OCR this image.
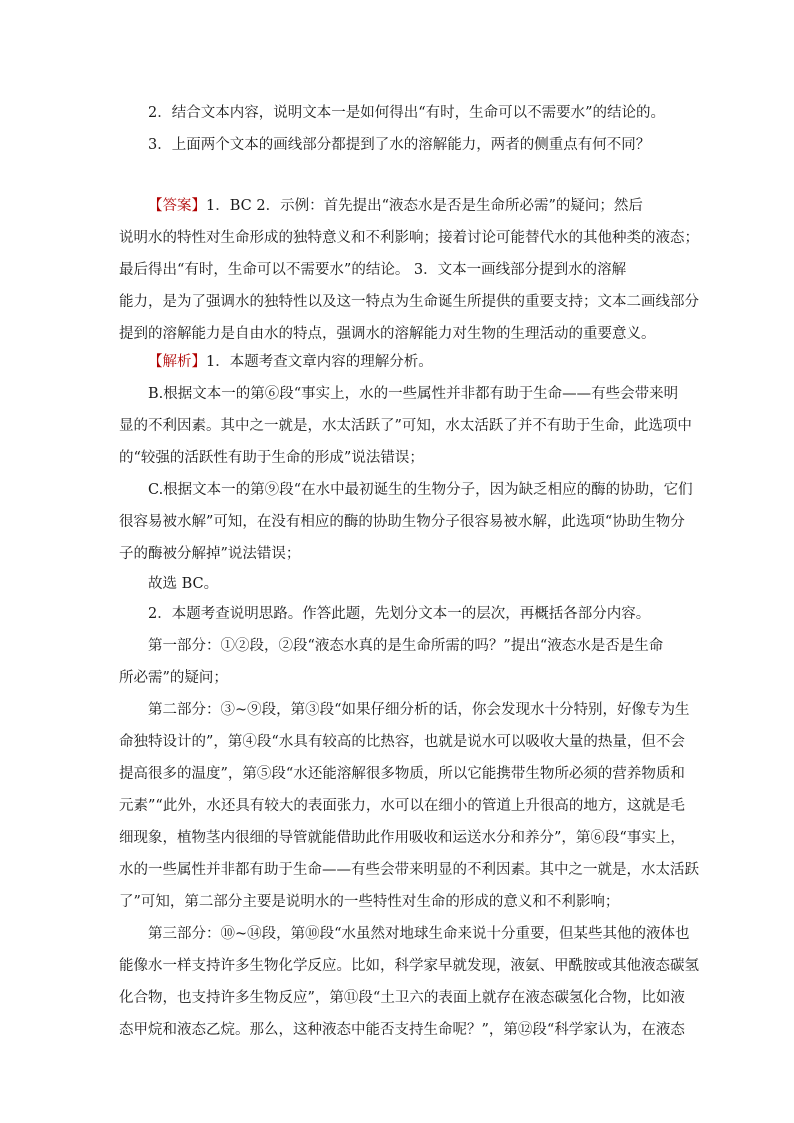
2．结合文本内容，说明文本一是如何得出“有时，生命可以不需要水”的结论的。
3．上面两个文本的画线部分都提到了水的溶解能力，两者的侧重点有何不同？
【答案】1．BC 2．示例：首先提出“液态水是否是生命所必需”的疑问；然后
说明水的特性对生命形成的独特意义和不利影响；接着讨论可能替代水的其他种类的液态；
最后得出“有时，生命可以不需要水”的结论。 3．文本一画线部分提到水的溶解
能力，是为了强调水的独特性以及这一特点为生命诞生所提供的重要支持；文本二画线部分
提到的溶解能力是自由水的特点，强调水的溶解能力对生物的生理活动的重要意义。
【解析】1．本题考查文章内容的理解分析。
B.根据文本一的第⑥段“事实上，水的一些属性并非都有助于生命——有些会带来明
显的不利因素。其中之一就是，水太活跃了”可知，水太活跃了并不有助于生命，此选项中
的“较强的活跃性有助于生命的形成”说法错误；
C.根据文本一的第⑨段“在水中最初诞生的生物分子，因为缺乏相应的酶的协助，它们
很容易被水解”可知，在没有相应的酶的协助生物分子很容易被水解，此选项“协助生物分
子的酶被分解掉”说法错误；
故选 BC。
2．本题考查说明思路。作答此题，先划分文本一的层次，再概括各部分内容。
第一部分：①②段，②段“液态水真的是生命所需的吗？”提出“液态水是否是生命
所必需”的疑问；
第二部分：③~⑨段，第③段“如果仔细分析的话，你会发现水十分特别，好像专为生
命独特设计的”，第④段“水具有较高的比热容，也就是说水可以吸收大量的热量，但不会
提高很多的温度”，第⑤段“水还能溶解很多物质，所以它能携带生物所必须的营养物质和
元素”“此外，水还具有较大的表面张力，水可以在细小的管道上升很高的地方，这就是毛
细现象，植物茎内很细的导管就能借助此作用吸收和运送水分和养分”，第⑥段“事实上，
水的一些属性并非都有助于生命——有些会带来明显的不利因素。其中之一就是，水太活跃
了”可知，第二部分主要是说明水的一些特性对生命的形成的意义和不利影响；
第三部分：⑩~⑭段，第⑩段“水虽然对地球生命来说十分重要，但某些其他的液体也
能像水一样支持许多生物化学反应。比如，科学家早就发现，液氨、甲酰胺或其他液态碳氢
化合物，也支持许多生物反应”，第⑪段“土卫六的表面上就存在液态碳氢化合物，比如液
态甲烷和液态乙烷。那么，这种液态中能否支持生命呢？”，第⑫段“科学家认为，在液态
